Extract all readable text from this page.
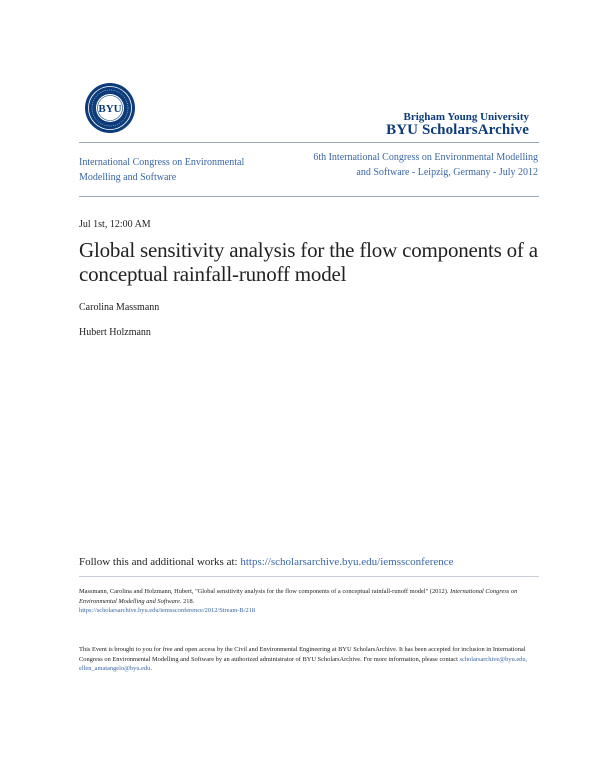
BYU
Brigham Young University
BYU ScholarsArchive
International Congress on Environmental Modelling and Software
6th International Congress on Environmental Modelling and Software - Leipzig, Germany - July 2012
Jul 1st, 12:00 AM
Global sensitivity analysis for the flow components of a conceptual rainfall-runoff model
Carolina Massmann
Hubert Holzmann
Follow this and additional works at: https://scholarsarchive.byu.edu/iemssconference
Massmann, Carolina and Holzmann, Hubert, "Global sensitivity analysis for the flow components of a conceptual rainfall-runoff model" (2012). International Congress on Environmental Modelling and Software. 218.
https://scholarsarchive.byu.edu/iemssconference/2012/Stream-B/218
This Event is brought to you for free and open access by the Civil and Environmental Engineering at BYU ScholarsArchive. It has been accepted for inclusion in International Congress on Environmental Modelling and Software by an authorized administrator of BYU ScholarsArchive. For more information, please contact scholarsarchive@byu.edu, ellen_amatangelo@byu.edu.
